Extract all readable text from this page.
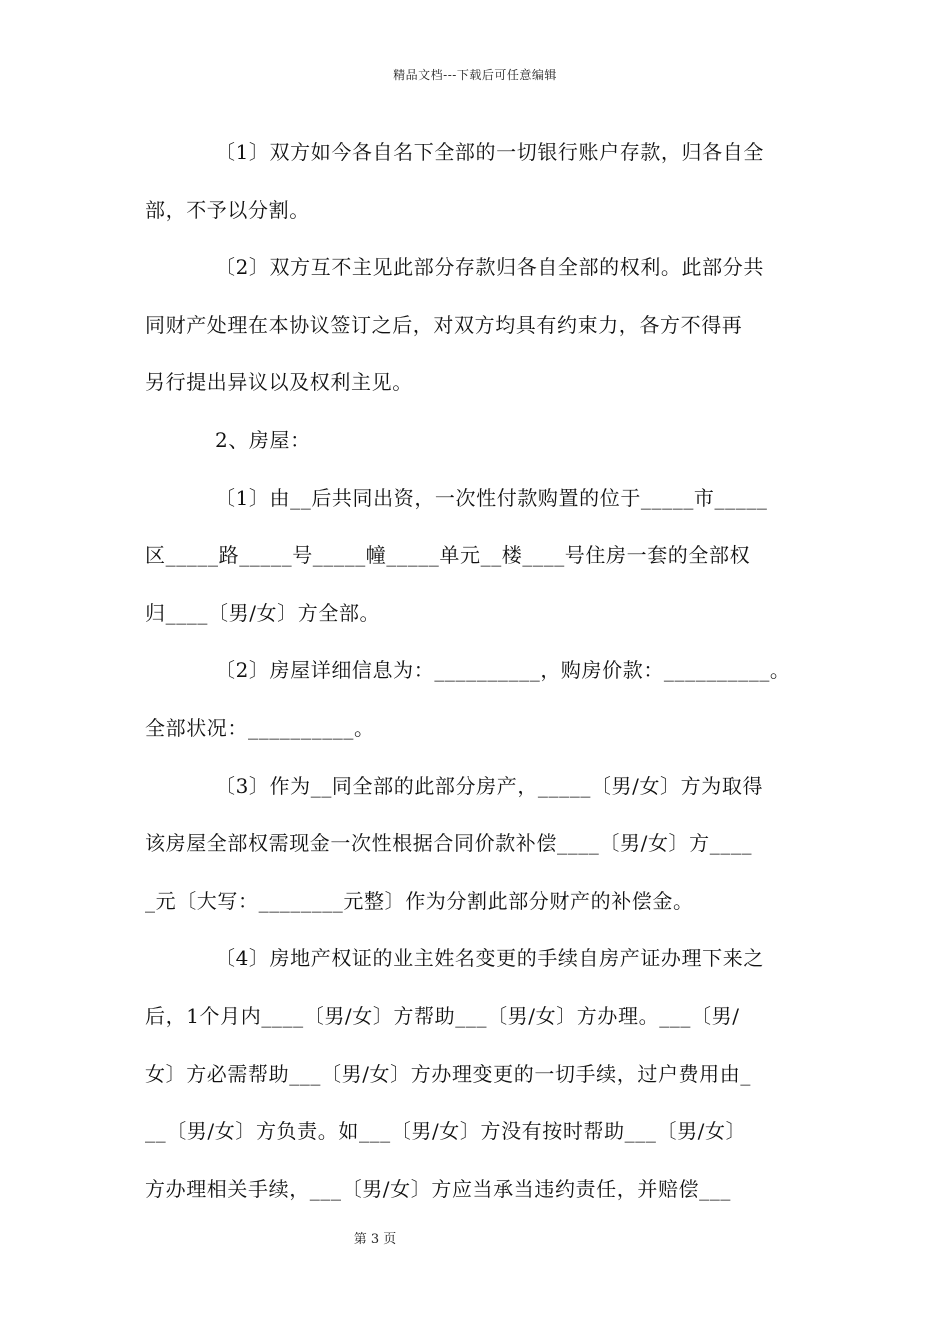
精品文档---下载后可任意编辑
〔1〕双方如今各自名下全部的一切银行账户存款，归各自全
部，不予以分割。
〔2〕双方互不主见此部分存款归各自全部的权利。此部分共
同财产处理在本协议签订之后，对双方均具有约束力，各方不得再
另行提出异议以及权利主见。
2、房屋：
〔1〕由__后共同出资，一次性付款购置的位于_____市_____
区_____路_____号_____幢_____单元__楼____号住房一套的全部权
归____〔男/女〕方全部。
〔2〕房屋详细信息为：__________，购房价款：__________。
全部状况：__________。
〔3〕作为__同全部的此部分房产，_____〔男/女〕方为取得
该房屋全部权需现金一次性根据合同价款补偿____〔男/女〕方____
_元〔大写：________元整〕作为分割此部分财产的补偿金。
〔4〕房地产权证的业主姓名变更的手续自房产证办理下来之
后，1个月内____〔男/女〕方帮助___〔男/女〕方办理。___〔男/
女〕方必需帮助___〔男/女〕方办理变更的一切手续，过户费用由_
__〔男/女〕方负责。如___〔男/女〕方没有按时帮助___〔男/女〕
方办理相关手续，___〔男/女〕方应当承当违约责任，并赔偿___
第 3 页
